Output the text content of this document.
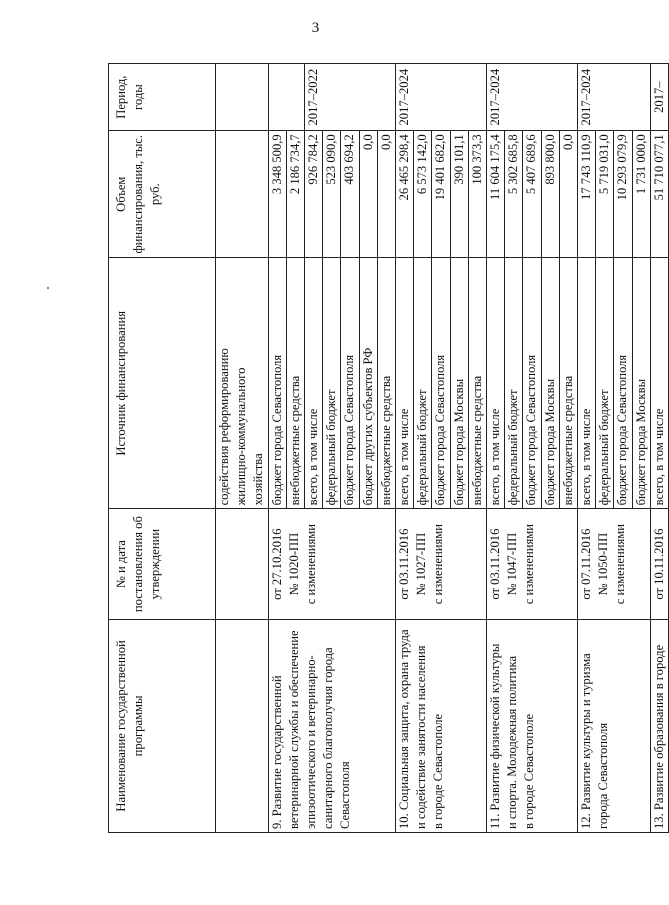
3
Наименование государственной программы	№ и дата постановления об утверждении	Источник финансирования	Объем финансирования, тыс. руб.	Период, годы

		содействия реформированию жилищно-коммунального хозяйства		

9. Развитие государственной ветеринарной службы и обеспечение эпизоотического и ветеринарно- санитарного благополучия города Севастополя	от 27.10.2016 № 1020-ПП с изменениями	бюджет города Севастополя	3 348 500,9	
		внебюджетные средства	2 186 734,7	
		всего, в том числе	926 784,2	2017–2022
		федеральный бюджет	523 090,0	
		бюджет города Севастополя	403 694,2	
		бюджет других субъектов РФ	0,0	
		внебюджетные средства	0,0	

10. Социальная защита, охрана труда и содействие занятости населения в городе Севастополе	от 03.11.2016 № 1027-ПП с изменениями	всего, в том числе	26 465 298,4	2017–2024
		федеральный бюджет	6 573 142,0	
		бюджет города Севастополя	19 401 682,0	
		бюджет города Москвы	390 101,1	
		внебюджетные средства	100 373,3	

11. Развитие физической культуры и спорта. Молодежная политика в городе Севастополе	от 03.11.2016 № 1047-ПП с изменениями	всего, в том числе	11 604 175,4	2017–2024
		федеральный бюджет	5 302 685,8	
		бюджет города Севастополя	5 407 689,6	
		бюджет города Москвы	893 800,0	
		внебюджетные средства	0,0	

12. Развитие культуры и туризма города Севастополя	от 07.11.2016 № 1050-ПП с изменениями	всего, в том числе	17 743 110,9	2017–2024
		федеральный бюджет	5 719 031,0	
		бюджет города Севастополя	10 293 079,9	
		бюджет города Москвы	1 731 000,0	

13. Развитие образования в городе	от 10.11.2016	всего, в том числе	51 710 077,1	2017–
